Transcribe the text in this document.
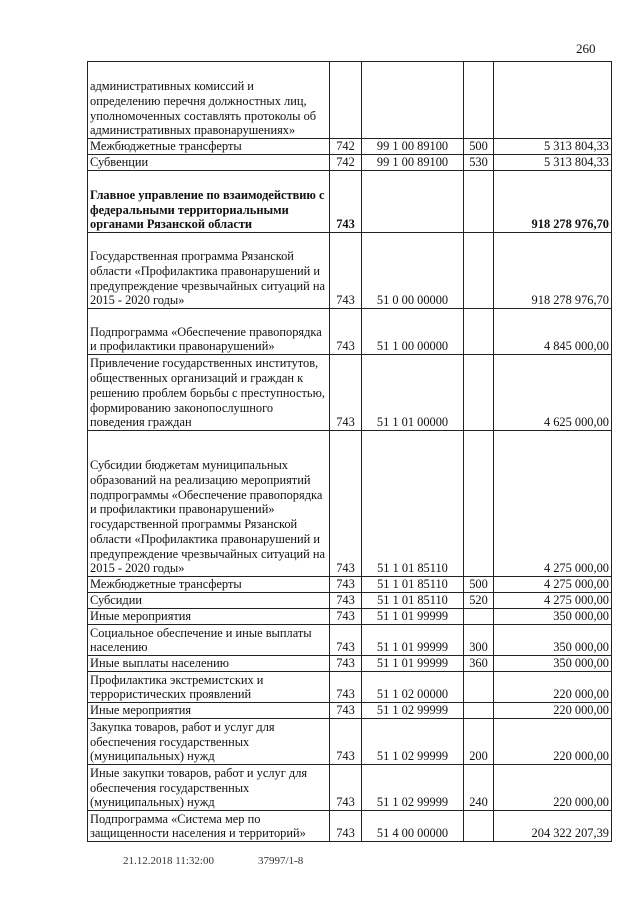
260
административных комиссий и определению перечня должностных лиц, уполномоченных составлять протоколы об административных правонарушениях»				
Межбюджетные трансферты	742	99 1 00 89100	500	5 313 804,33
Субвенции	742	99 1 00 89100	530	5 313 804,33
Главное управление по взаимодействию с федеральными территориальными органами Рязанской области	743			918 278 976,70
Государственная программа Рязанской области «Профилактика правонарушений и предупреждение чрезвычайных ситуаций на 2015 - 2020 годы»	743	51 0 00 00000		918 278 976,70
Подпрограмма «Обеспечение правопорядка и профилактики правонарушений»	743	51 1 00 00000		4 845 000,00
Привлечение государственных институтов, общественных организаций и граждан к решению проблем борьбы с преступностью, формированию законопослушного поведения граждан	743	51 1 01 00000		4 625 000,00
Субсидии бюджетам муниципальных образований на реализацию мероприятий подпрограммы «Обеспечение правопорядка и профилактики правонарушений» государственной программы Рязанской области «Профилактика правонарушений и предупреждение чрезвычайных ситуаций на 2015 - 2020 годы»	743	51 1 01 85110		4 275 000,00
Межбюджетные трансферты	743	51 1 01 85110	500	4 275 000,00
Субсидии	743	51 1 01 85110	520	4 275 000,00
Иные мероприятия	743	51 1 01 99999		350 000,00
Социальное обеспечение и иные выплаты населению	743	51 1 01 99999	300	350 000,00
Иные выплаты населению	743	51 1 01 99999	360	350 000,00
Профилактика экстремистских и террористических проявлений	743	51 1 02 00000		220 000,00
Иные мероприятия	743	51 1 02 99999		220 000,00
Закупка товаров, работ и услуг для обеспечения государственных (муниципальных) нужд	743	51 1 02 99999	200	220 000,00
Иные закупки товаров, работ и услуг для обеспечения государственных (муниципальных) нужд	743	51 1 02 99999	240	220 000,00
Подпрограмма «Система мер по защищенности населения и территорий»	743	51 4 00 00000		204 322 207,39
21.12.2018 11:32:00	37997/1-8
